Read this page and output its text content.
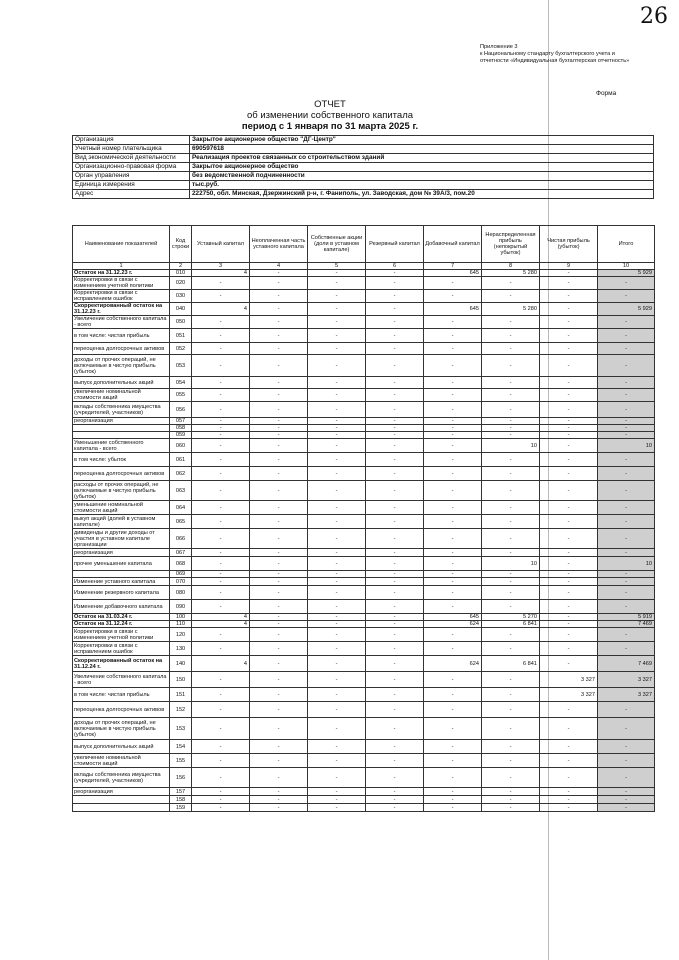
26
Приложение 3
к Национальному стандарту бухгалтерского учета и
отчетности «Индивидуальная бухгалтерская отчетность»
Форма
ОТЧЕТ
об изменении собственного капитала
период с 1 января по 31 марта 2025 г.
Организация	Закрытое акционерное общество "ДГ-Центр"
Учетный номер плательщика	690597618
Вид экономической деятельности	Реализация проектов связанных со строительством зданий
Организационно-правовая форма	Закрытое акционерное общество
Орган управления	без ведомственной подчиненности
Единица измерения	тыс.руб.
Адрес	222750, обл. Минская, Дзержинский р-н, г. Фаниполь, ул. Заводская, дом № 39А/3, пом.20
Наименование показателей	Код строки	Уставный капитал	Неоплаченная часть уставного капитала	Собственные акции (доли в уставном капитале)	Резервный капитал	Добавочный капитал	Нераспределенная прибыль (непокрытый убыток)	Чистая прибыль (убыток)	Итого
1	2	3	4	5	6	7	8	9	10
Остаток на 31.12.23 г.	010	4	-	-	-	645	5 280	-	5 929
Корректировки в связи с изменением учетной политики	020	-	-	-	-	-	-	-	-
Корректировки в связи с исправлением ошибок	030	-	-	-	-	-	-	-	-
Скорректированный остаток на 31.12.23 г.	040	4	-	-	-	645	5 280	-	5 929
Увеличение собственного капитала - всего	050	-	-	-	-	-	-	-	-
в том числе: чистая прибыль	051	-	-	-	-	-	-	-	-
переоценка долгосрочных активов	052	-	-	-	-	-	-	-	-
доходы от прочих операций, не включаемые в чистую прибыль (убыток)	053	-	-	-	-	-	-	-	-
выпуск дополнительных акций	054	-	-	-	-	-	-	-	-
увеличение номинальной стоимости акций	055	-	-	-	-	-	-	-	-
вклады собственника имущества (учредителей, участников)	056	-	-	-	-	-	-	-	-
реорганизация	057	-	-	-	-	-	-	-	-
	058	-	-	-	-	-	-	-	-
	059	-	-	-	-	-	-	-	-
Уменьшение собственного капитала - всего	060	-	-	-	-	-	10	-	10
в том числе: убыток	061	-	-	-	-	-	-	-	-
переоценка долгосрочных активов	062	-	-	-	-	-	-	-	-
расходы от прочих операций, не включаемые в чистую прибыль (убыток)	063	-	-	-	-	-	-	-	-
уменьшение номинальной стоимости акций	064	-	-	-	-	-	-	-	-
выкуп акций (долей в уставном капитале)	065	-	-	-	-	-	-	-	-
дивиденды и другие доходы от участия в уставном капитале организации	066	-	-	-	-	-	-	-	-
реорганизация	067	-	-	-	-	-	-	-	-
прочее уменьшение капитала	068	-	-	-	-	-	10	-	10
	069	-	-	-	-	-	-	-	-
Изменение уставного капитала	070	-	-	-	-	-	-	-	-
Изменение резервного капитала	080	-	-	-	-	-	-	-	-
Изменение добавочного капитала	090	-	-	-	-	-	-	-	-
Остаток на 31.03.24 г.	100	4	-	-	-	645	5 270	-	5 919
Остаток на 31.12.24 г.	110	4	-	-	-	624	6 841	-	7 469
Корректировки в связи с изменением учетной политики	120	-	-	-	-	-	-	-	-
Корректировки в связи с исправлением ошибок	130	-	-	-	-	-	-	-	-
Скорректированный остаток на 31.12.24 г.	140	4	-	-	-	624	6 841	-	7 469
Увеличение собственного капитала - всего	150	-	-	-	-	-	-	3 327	3 327
в том числе: чистая прибыль	151	-	-	-	-	-	-	3 327	3 327
переоценка долгосрочных активов	152	-	-	-	-	-	-	-	-
доходы от прочих операций, не включаемые в чистую прибыль (убыток)	153	-	-	-	-	-	-	-	-
выпуск дополнительных акций	154	-	-	-	-	-	-	-	-
увеличение номинальной стоимости акций	155	-	-	-	-	-	-	-	-
вклады собственника имущества (учредителей, участников)	156	-	-	-	-	-	-	-	-
реорганизация	157	-	-	-	-	-	-	-	-
	158	-	-	-	-	-	-	-	-
	159	-	-	-	-	-	-	-	-
